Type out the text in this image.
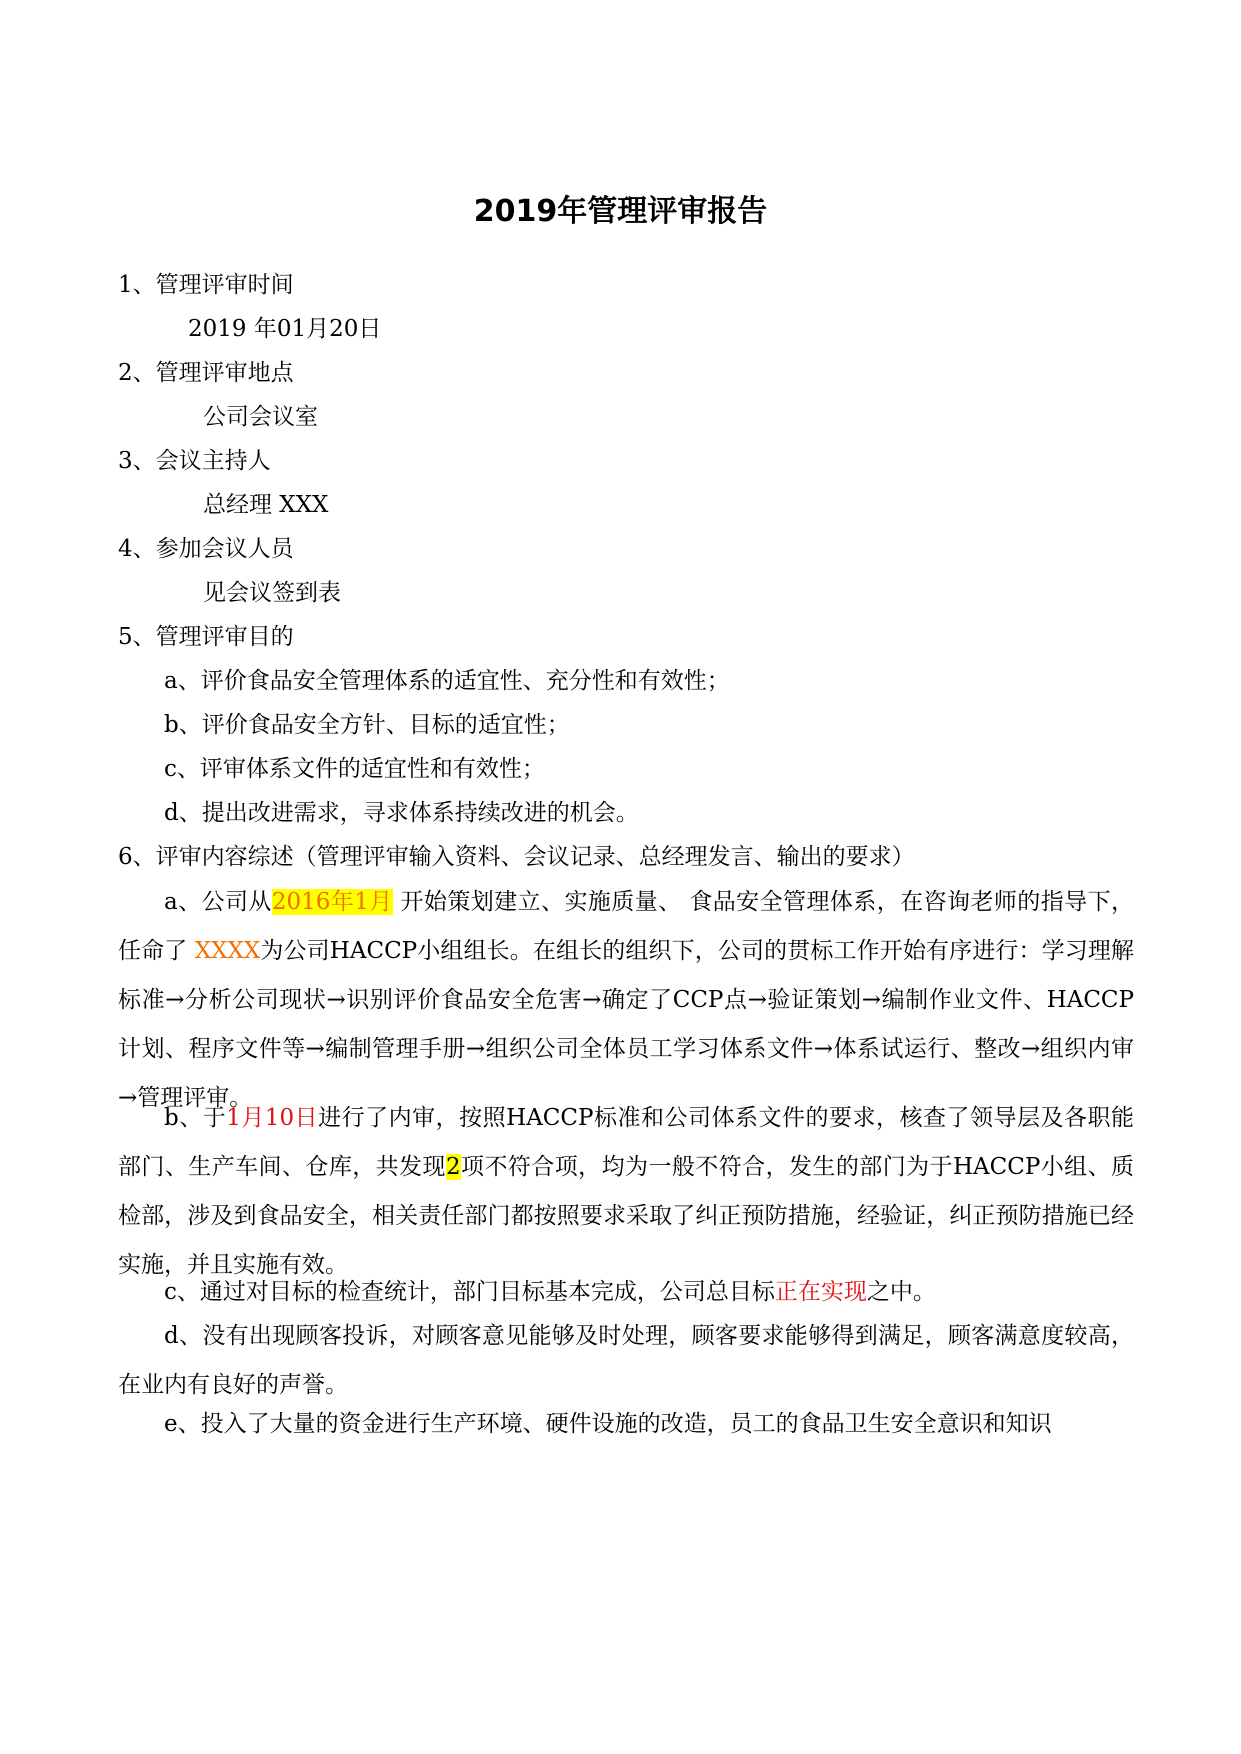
2019年管理评审报告

1、管理评审时间

2019 年01月20日

2、管理评审地点

公司会议室

3、会议主持人

总经理 XXX

4、参加会议人员

见会议签到表

5、管理评审目的

a、评价食品安全管理体系的适宜性、充分性和有效性；

b、评价食品安全方针、目标的适宜性；

c、评审体系文件的适宜性和有效性；

d、提出改进需求，寻求体系持续改进的机会。

6、评审内容综述（管理评审输入资料、会议记录、总经理发言、输出的要求）

a、公司从2016年1月 开始策划建立、实施质量、 食品安全管理体系，在咨询老师的指导下，任命了 XXXX为公司HACCP小组组长。在组长的组织下，公司的贯标工作开始有序进行：学习理解标准→分析公司现状→识别评价食品安全危害→确定了CCP点→验证策划→编制作业文件、HACCP计划、程序文件等→编制管理手册→组织公司全体员工学习体系文件→体系试运行、整改→组织内审→管理评审。

b、于1月10日进行了内审，按照HACCP标准和公司体系文件的要求，核查了领导层及各职能部门、生产车间、仓库，共发现2项不符合项，均为一般不符合，发生的部门为于HACCP小组、质检部，涉及到食品安全，相关责任部门都按照要求采取了纠正预防措施，经验证，纠正预防措施已经实施，并且实施有效。

c、通过对目标的检查统计，部门目标基本完成，公司总目标正在实现之中。

d、没有出现顾客投诉，对顾客意见能够及时处理，顾客要求能够得到满足，顾客满意度较高，在业内有良好的声誉。

e、投入了大量的资金进行生产环境、硬件设施的改造，员工的食品卫生安全意识和知识
